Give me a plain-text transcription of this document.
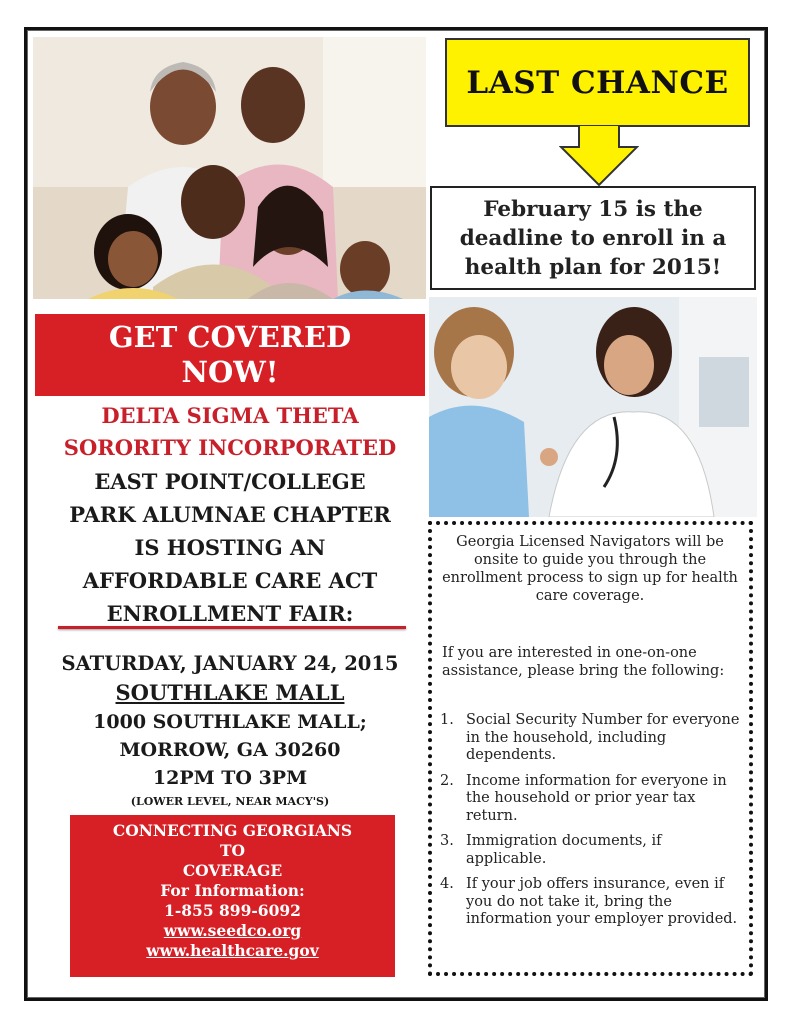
LAST CHANCE
February 15 is the deadline to enroll in a health plan for 2015!
GET COVERED
NOW!
DELTA SIGMA THETA
SORORITY INCORPORATED
EAST POINT/COLLEGE
PARK ALUMNAE CHAPTER
IS HOSTING AN
AFFORDABLE CARE ACT
ENROLLMENT FAIR:
SATURDAY, JANUARY 24, 2015
SOUTHLAKE MALL
1000 SOUTHLAKE MALL;
MORROW, GA 30260
12PM TO 3PM
(LOWER LEVEL, NEAR MACY'S)
CONNECTING GEORGIANS
TO
COVERAGE
For Information:
1-855 899-6092
www.seedco.org
www.healthcare.gov
Georgia Licensed Navigators will be onsite to guide you through the enrollment process to sign up for health care coverage.
If you are interested in one-on-one assistance, please bring the following:
1. Social Security Number for everyone in the household, including dependents.
2. Income information for everyone in the household or prior year tax return.
3. Immigration documents, if applicable.
4. If your job offers insurance, even if you do not take it, bring the information your employer provided.
